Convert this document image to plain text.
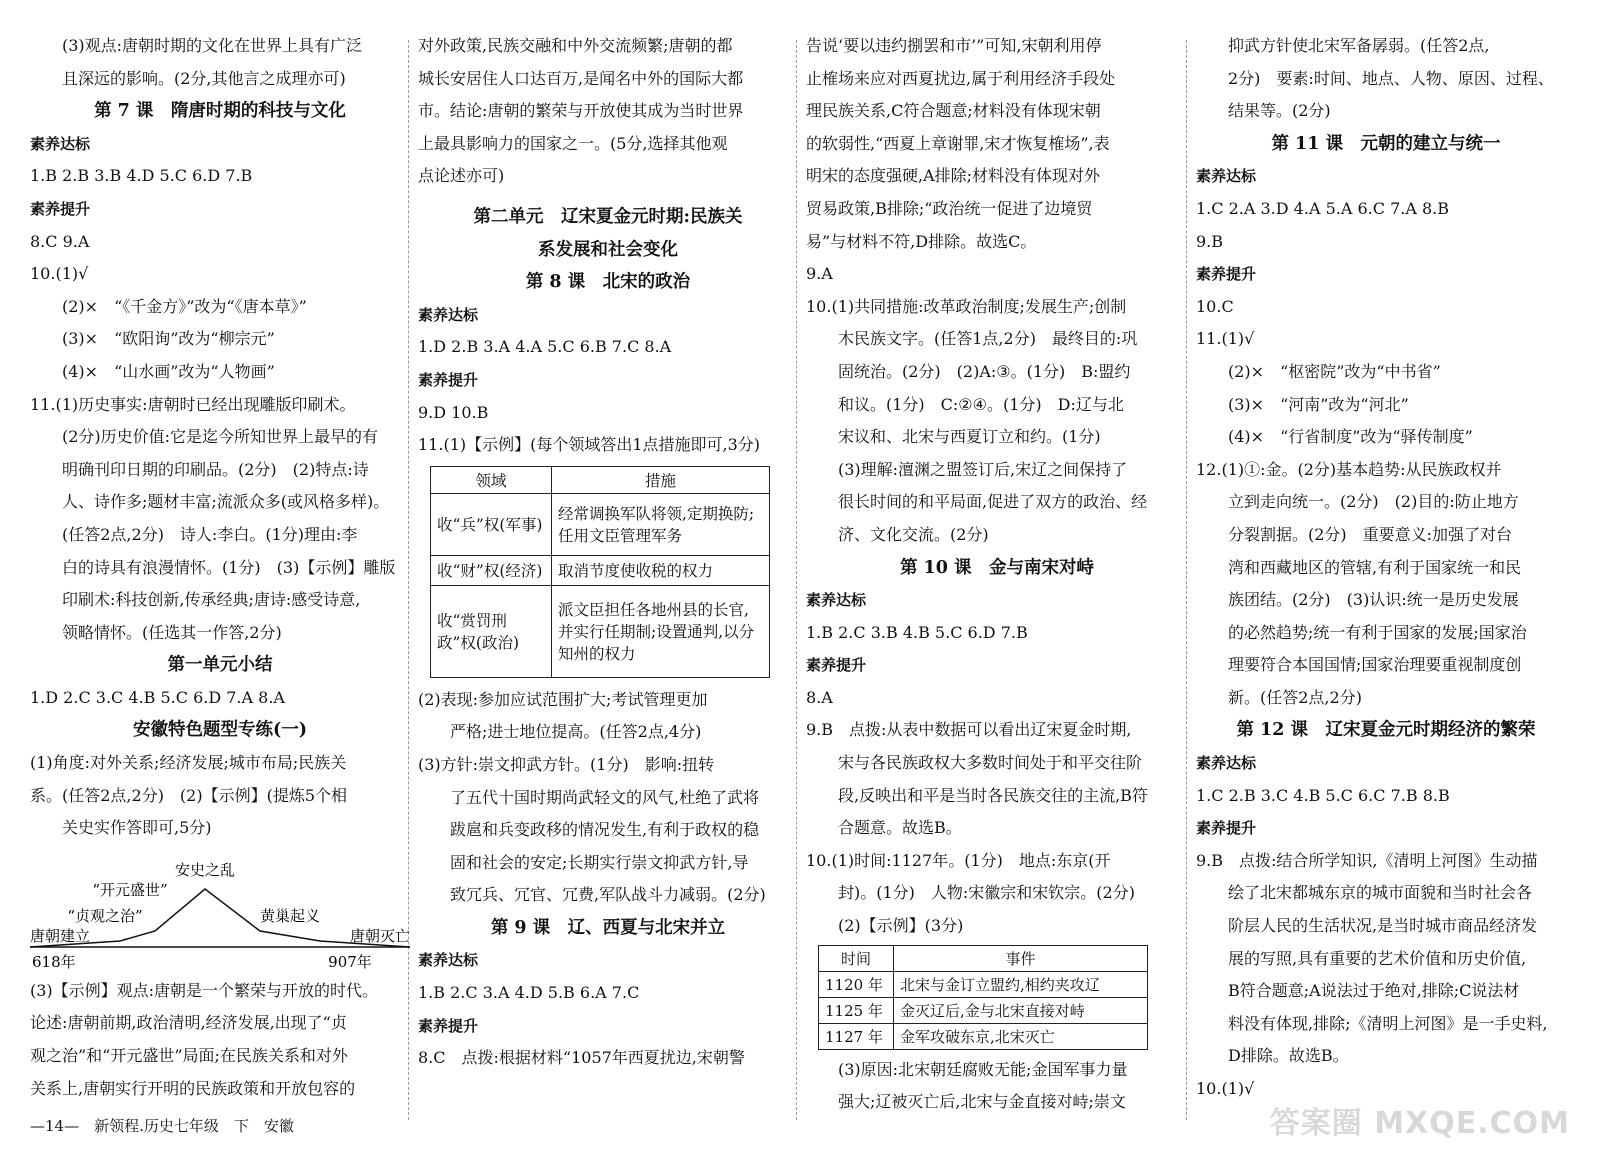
(3)观点:唐朝时期的文化在世界上具有广泛

且深远的影响。(2分,其他言之成理亦可)

第 7 课　隋唐时期的科技与文化

素养达标

1.B 2.B 3.B 4.D 5.C 6.D 7.B

素养提升

8.C 9.A

10.(1)√

(2)×　“《千金方》”改为“《唐本草》”

(3)×　“欧阳询”改为“柳宗元”

(4)×　“山水画”改为“人物画”

11.(1)历史事实:唐朝时已经出现雕版印刷术。

(2分)历史价值:它是迄今所知世界上最早的有

明确刊印日期的印刷品。(2分)　(2)特点:诗

人、诗作多;题材丰富;流派众多(或风格多样)。

(任答2点,2分)　诗人:李白。(1分)理由:李

白的诗具有浪漫情怀。(1分)　(3)【示例】雕版

印刷术:科技创新,传承经典;唐诗:感受诗意,

领略情怀。(任选其一作答,2分)

第一单元小结

1.D 2.C 3.C 4.B 5.C 6.D 7.A 8.A

安徽特色题型专练(一)

(1)角度:对外关系;经济发展;城市布局;民族关

系。(任答2点,2分)　(2)【示例】(提炼5个相

关史实作答即可,5分)

安史之乱
“开元盛世”
“贞观之治”	黄巢起义
唐朝建立
618年
唐朝灭亡
907年

(3)【示例】观点:唐朝是一个繁荣与开放的时代。

论述:唐朝前期,政治清明,经济发展,出现了“贞

观之治”和“开元盛世”局面;在民族关系和对外

关系上,唐朝实行开明的民族政策和开放包容的

对外政策,民族交融和中外交流频繁;唐朝的都

城长安居住人口达百万,是闻名中外的国际大都

市。结论:唐朝的繁荣与开放使其成为当时世界

上最具影响力的国家之一。(5分,选择其他观

点论述亦可)

第二单元　辽宋夏金元时期:民族关

系发展和社会变化

第 8 课　北宋的政治

素养达标

1.D 2.B 3.A 4.A 5.C 6.B 7.C 8.A

素养提升

9.D 10.B

11.(1)【示例】(每个领域答出1点措施即可,3分)

领域	措施
收“兵”权(军事)	经常调换军队将领,定期换防;任用文臣管理军务
收“财”权(经济)	取消节度使收税的权力
收“赏罚刑政”权(政治)	派文臣担任各地州县的长官,并实行任期制;设置通判,以分知州的权力

(2)表现:参加应试范围扩大;考试管理更加

严格;进士地位提高。(任答2点,4分)

(3)方针:崇文抑武方针。(1分)　影响:扭转

了五代十国时期尚武轻文的风气,杜绝了武将

跋扈和兵变政移的情况发生,有利于政权的稳

固和社会的安定;长期实行崇文抑武方针,导

致冗兵、冗官、冗费,军队战斗力减弱。(2分)

第 9 课　辽、西夏与北宋并立

素养达标

1.B 2.C 3.A 4.D 5.B 6.A 7.C

素养提升

8.C　点拨:根据材料“1057年西夏扰边,宋朝警

告说‘要以违约捌罢和市’”可知,宋朝利用停

止榷场来应对西夏扰边,属于利用经济手段处

理民族关系,C符合题意;材料没有体现宋朝

的软弱性,“西夏上章谢罪,宋才恢复榷场”,表

明宋的态度强硬,A排除;材料没有体现对外

贸易政策,B排除;“政治统一促进了边境贸

易”与材料不符,D排除。故选C。

9.A

10.(1)共同措施:改革政治制度;发展生产;创制

木民族文字。(任答1点,2分)　最终目的:巩

固统治。(2分)　(2)A:③。(1分)　B:盟约

和议。(1分)　C:②④。(1分)　D:辽与北

宋议和、北宋与西夏订立和约。(1分)

(3)理解:澶渊之盟签订后,宋辽之间保持了

很长时间的和平局面,促进了双方的政治、经

济、文化交流。(2分)

第 10 课　金与南宋对峙

素养达标

1.B 2.C 3.B 4.B 5.C 6.D 7.B

素养提升

8.A

9.B　点拨:从表中数据可以看出辽宋夏金时期,

宋与各民族政权大多数时间处于和平交往阶

段,反映出和平是当时各民族交往的主流,B符

合题意。故选B。

10.(1)时间:1127年。(1分)　地点:东京(开

封)。(1分)　人物:宋徽宗和宋钦宗。(2分)

(2)【示例】(3分)

时间	事件
1120 年	北宋与金订立盟约,相约夹攻辽
1125 年	金灭辽后,金与北宋直接对峙
1127 年	金军攻破东京,北宋灭亡

(3)原因:北宋朝廷腐败无能;金国军事力量

强大;辽被灭亡后,北宋与金直接对峙;崇文

抑武方针使北宋军备孱弱。(任答2点,

2分)　要素:时间、地点、人物、原因、过程、

结果等。(2分)

第 11 课　元朝的建立与统一

素养达标

1.C 2.A 3.D 4.A 5.A 6.C 7.A 8.B

9.B

素养提升

10.C

11.(1)√

(2)×　“枢密院”改为“中书省”

(3)×　“河南”改为“河北”

(4)×　“行省制度”改为“驿传制度”

12.(1)①:金。(2分)基本趋势:从民族政权并

立到走向统一。(2分)　(2)目的:防止地方

分裂割据。(2分)　重要意义:加强了对台

湾和西藏地区的管辖,有利于国家统一和民

族团结。(2分)　(3)认识:统一是历史发展

的必然趋势;统一有利于国家的发展;国家治

理要符合本国国情;国家治理要重视制度创

新。(任答2点,2分)

第 12 课　辽宋夏金元时期经济的繁荣

素养达标

1.C 2.B 3.C 4.B 5.C 6.C 7.B 8.B

素养提升

9.B　点拨:结合所学知识,《清明上河图》生动描

绘了北宋都城东京的城市面貌和当时社会各

阶层人民的生活状况,是当时城市商品经济发

展的写照,具有重要的艺术价值和历史价值,

B符合题意;A说法过于绝对,排除;C说法材

料没有体现,排除;《清明上河图》是一手史料,

D排除。故选B。

10.(1)√

—14—　新领程.历史七年级　下　安徽	答案圈 MXQE.COM
